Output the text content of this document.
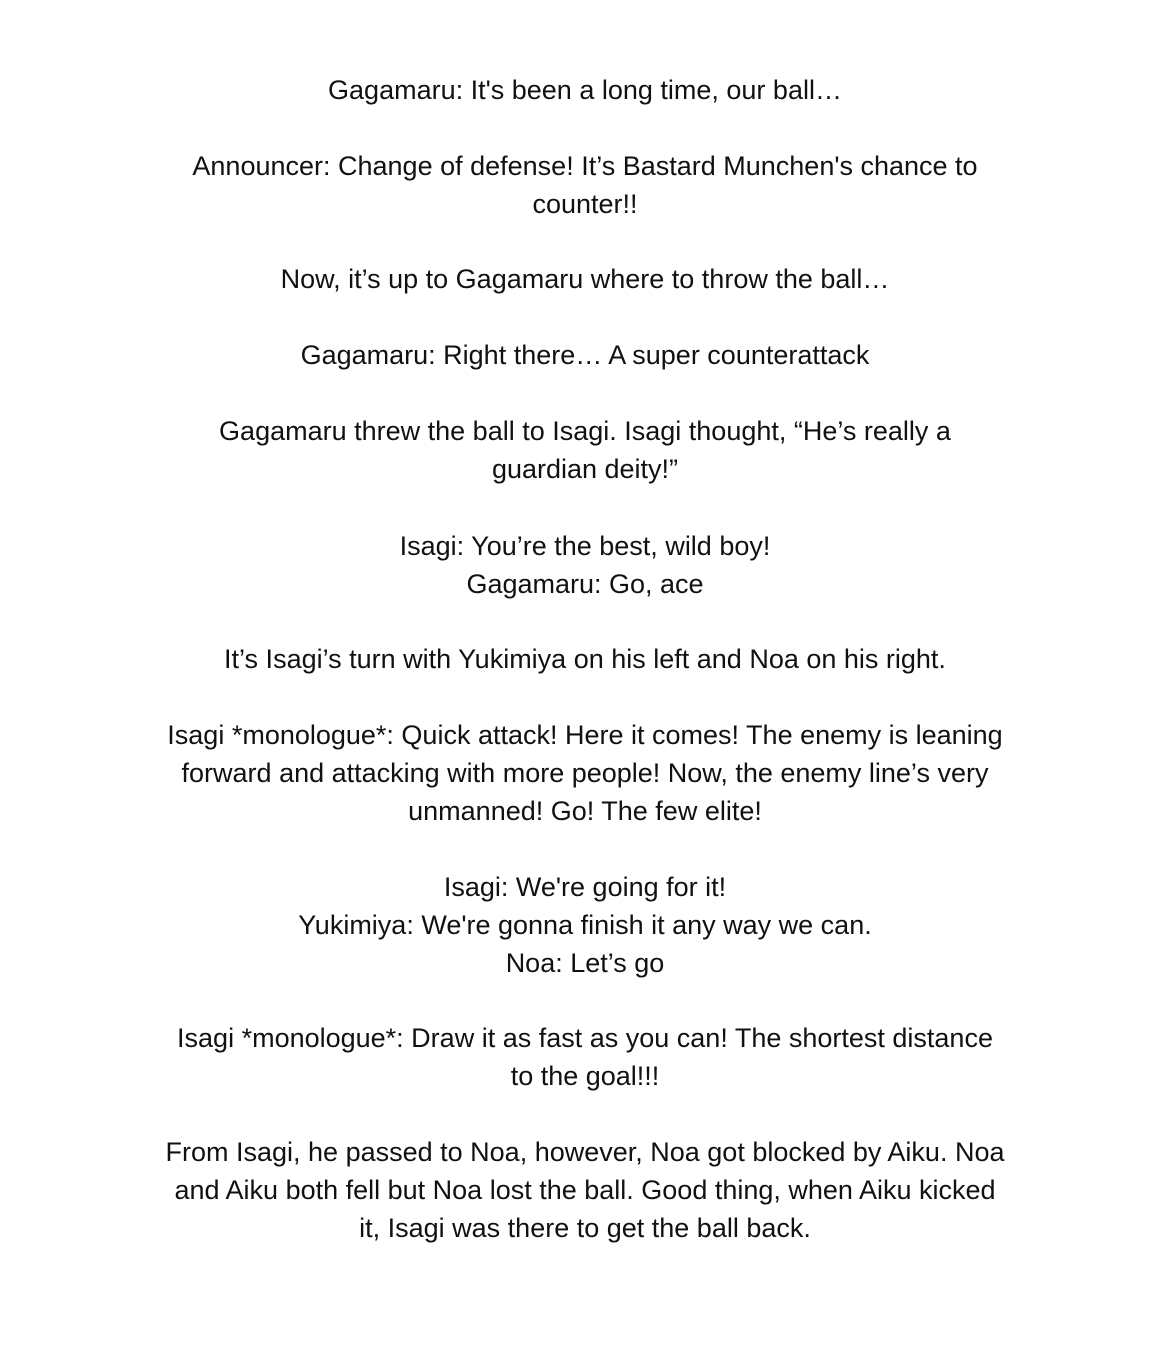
Gagamaru: It's been a long time, our ball…

Announcer: Change of defense! It’s Bastard Munchen's chance to
counter!!

Now, it’s up to Gagamaru where to throw the ball…

Gagamaru: Right there… A super counterattack

Gagamaru threw the ball to Isagi. Isagi thought, “He’s really a
guardian deity!”

Isagi: You’re the best, wild boy!
Gagamaru: Go, ace

It’s Isagi’s turn with Yukimiya on his left and Noa on his right.

Isagi *monologue*: Quick attack! Here it comes! The enemy is leaning
forward and attacking with more people! Now, the enemy line’s very
unmanned! Go! The few elite!

Isagi: We're going for it!
Yukimiya: We're gonna finish it any way we can.
Noa: Let’s go

Isagi *monologue*: Draw it as fast as you can! The shortest distance
to the goal!!!

From Isagi, he passed to Noa, however, Noa got blocked by Aiku. Noa
and Aiku both fell but Noa lost the ball. Good thing, when Aiku kicked
it, Isagi was there to get the ball back.
